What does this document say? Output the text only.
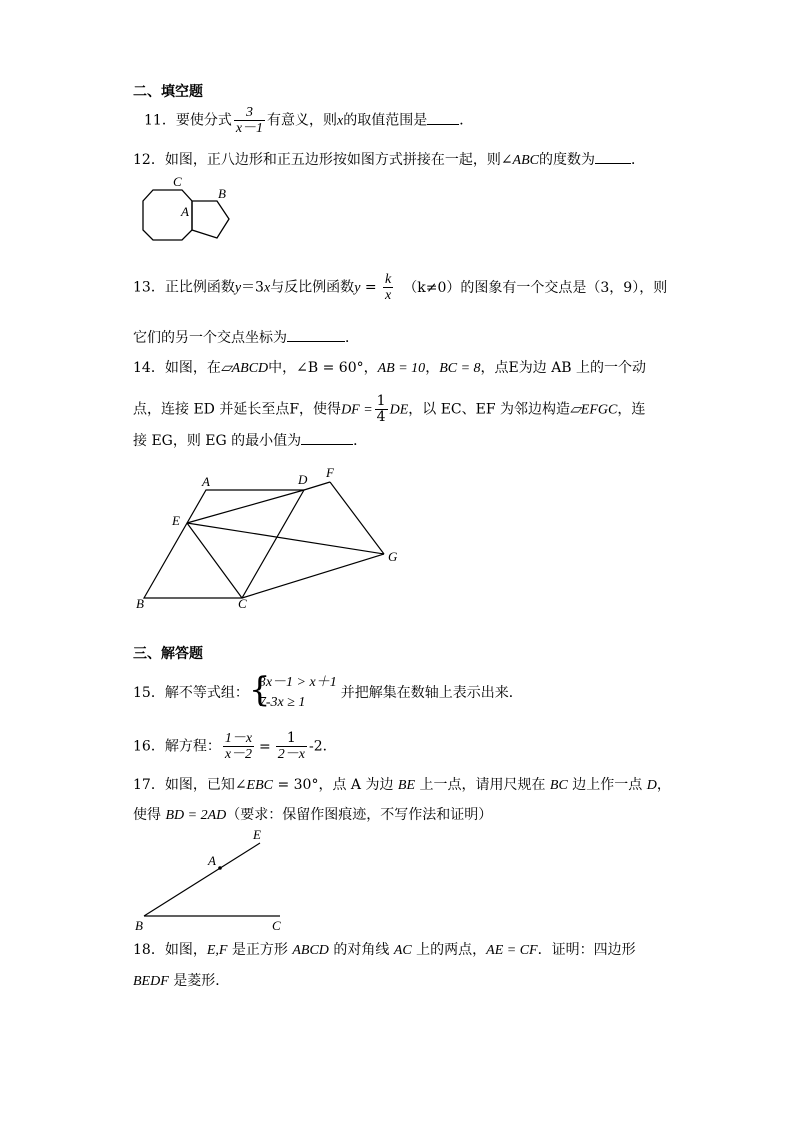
二、填空题
11．要使分式 $\frac{3}{x-1}$ 有意义，则x的取值范围是 ．
12．如图，正八边形和正五边形按如图方式拼接在一起，则∠ABC的度数为	．
C
B
A
13．正比例函数y＝3x与反比例函数$y = \frac{k}{x} (k\ne 0)$的图象有一个交点是（3，9），则
它们的另一个交点坐标为	．
14．如图，在▱ABCD中，∠B = 60°，AB = 10，BC = 8，点E为边 AB 上的一个动
点，连接 ED 并延长至点F，使得DF = $\frac{1}{4}$ DE，以 EC、EF 为邻边构造▱EFGC，连
接 EG，则 EG 的最小值为	．
A	D F
E
G
B	C
三、解答题
15．解不等式组： {
3x－1 > x＋1
7-3x ≥ 1
并把解集在数轴上表示出来．
16．解方程： $\frac{1-x}{x-2} = \frac{1}{2-x} -2$．
17．如图，已知∠EBC = 30°，点 A 为边 BE 上一点，请用尺规在 BC 边上作一点 D，
使得 BD = 2AD（要求：保留作图痕迹，不写作法和证明）
E
A
B	C
18．如图，E,F 是正方形 ABCD 的对角线 AC 上的两点，AE = CF．证明：四边形
BEDF 是菱形．
